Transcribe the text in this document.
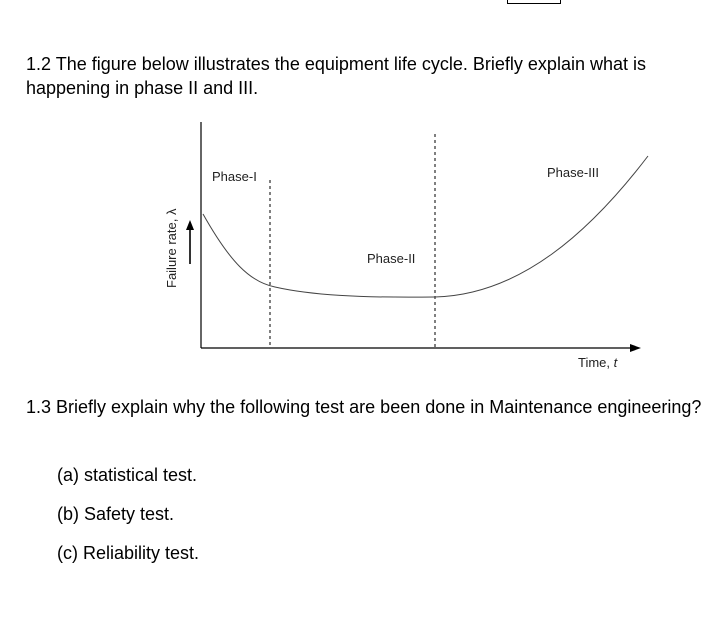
1.2 The figure below illustrates the equipment life cycle. Briefly explain what is happening in phase II and III.

Phase-I
Phase-II
Phase-III
Failure rate, λ
Time, t

1.3 Briefly explain why the following test are been done in Maintenance engineering?

(a) statistical test.

(b) Safety test.

(c) Reliability test.
